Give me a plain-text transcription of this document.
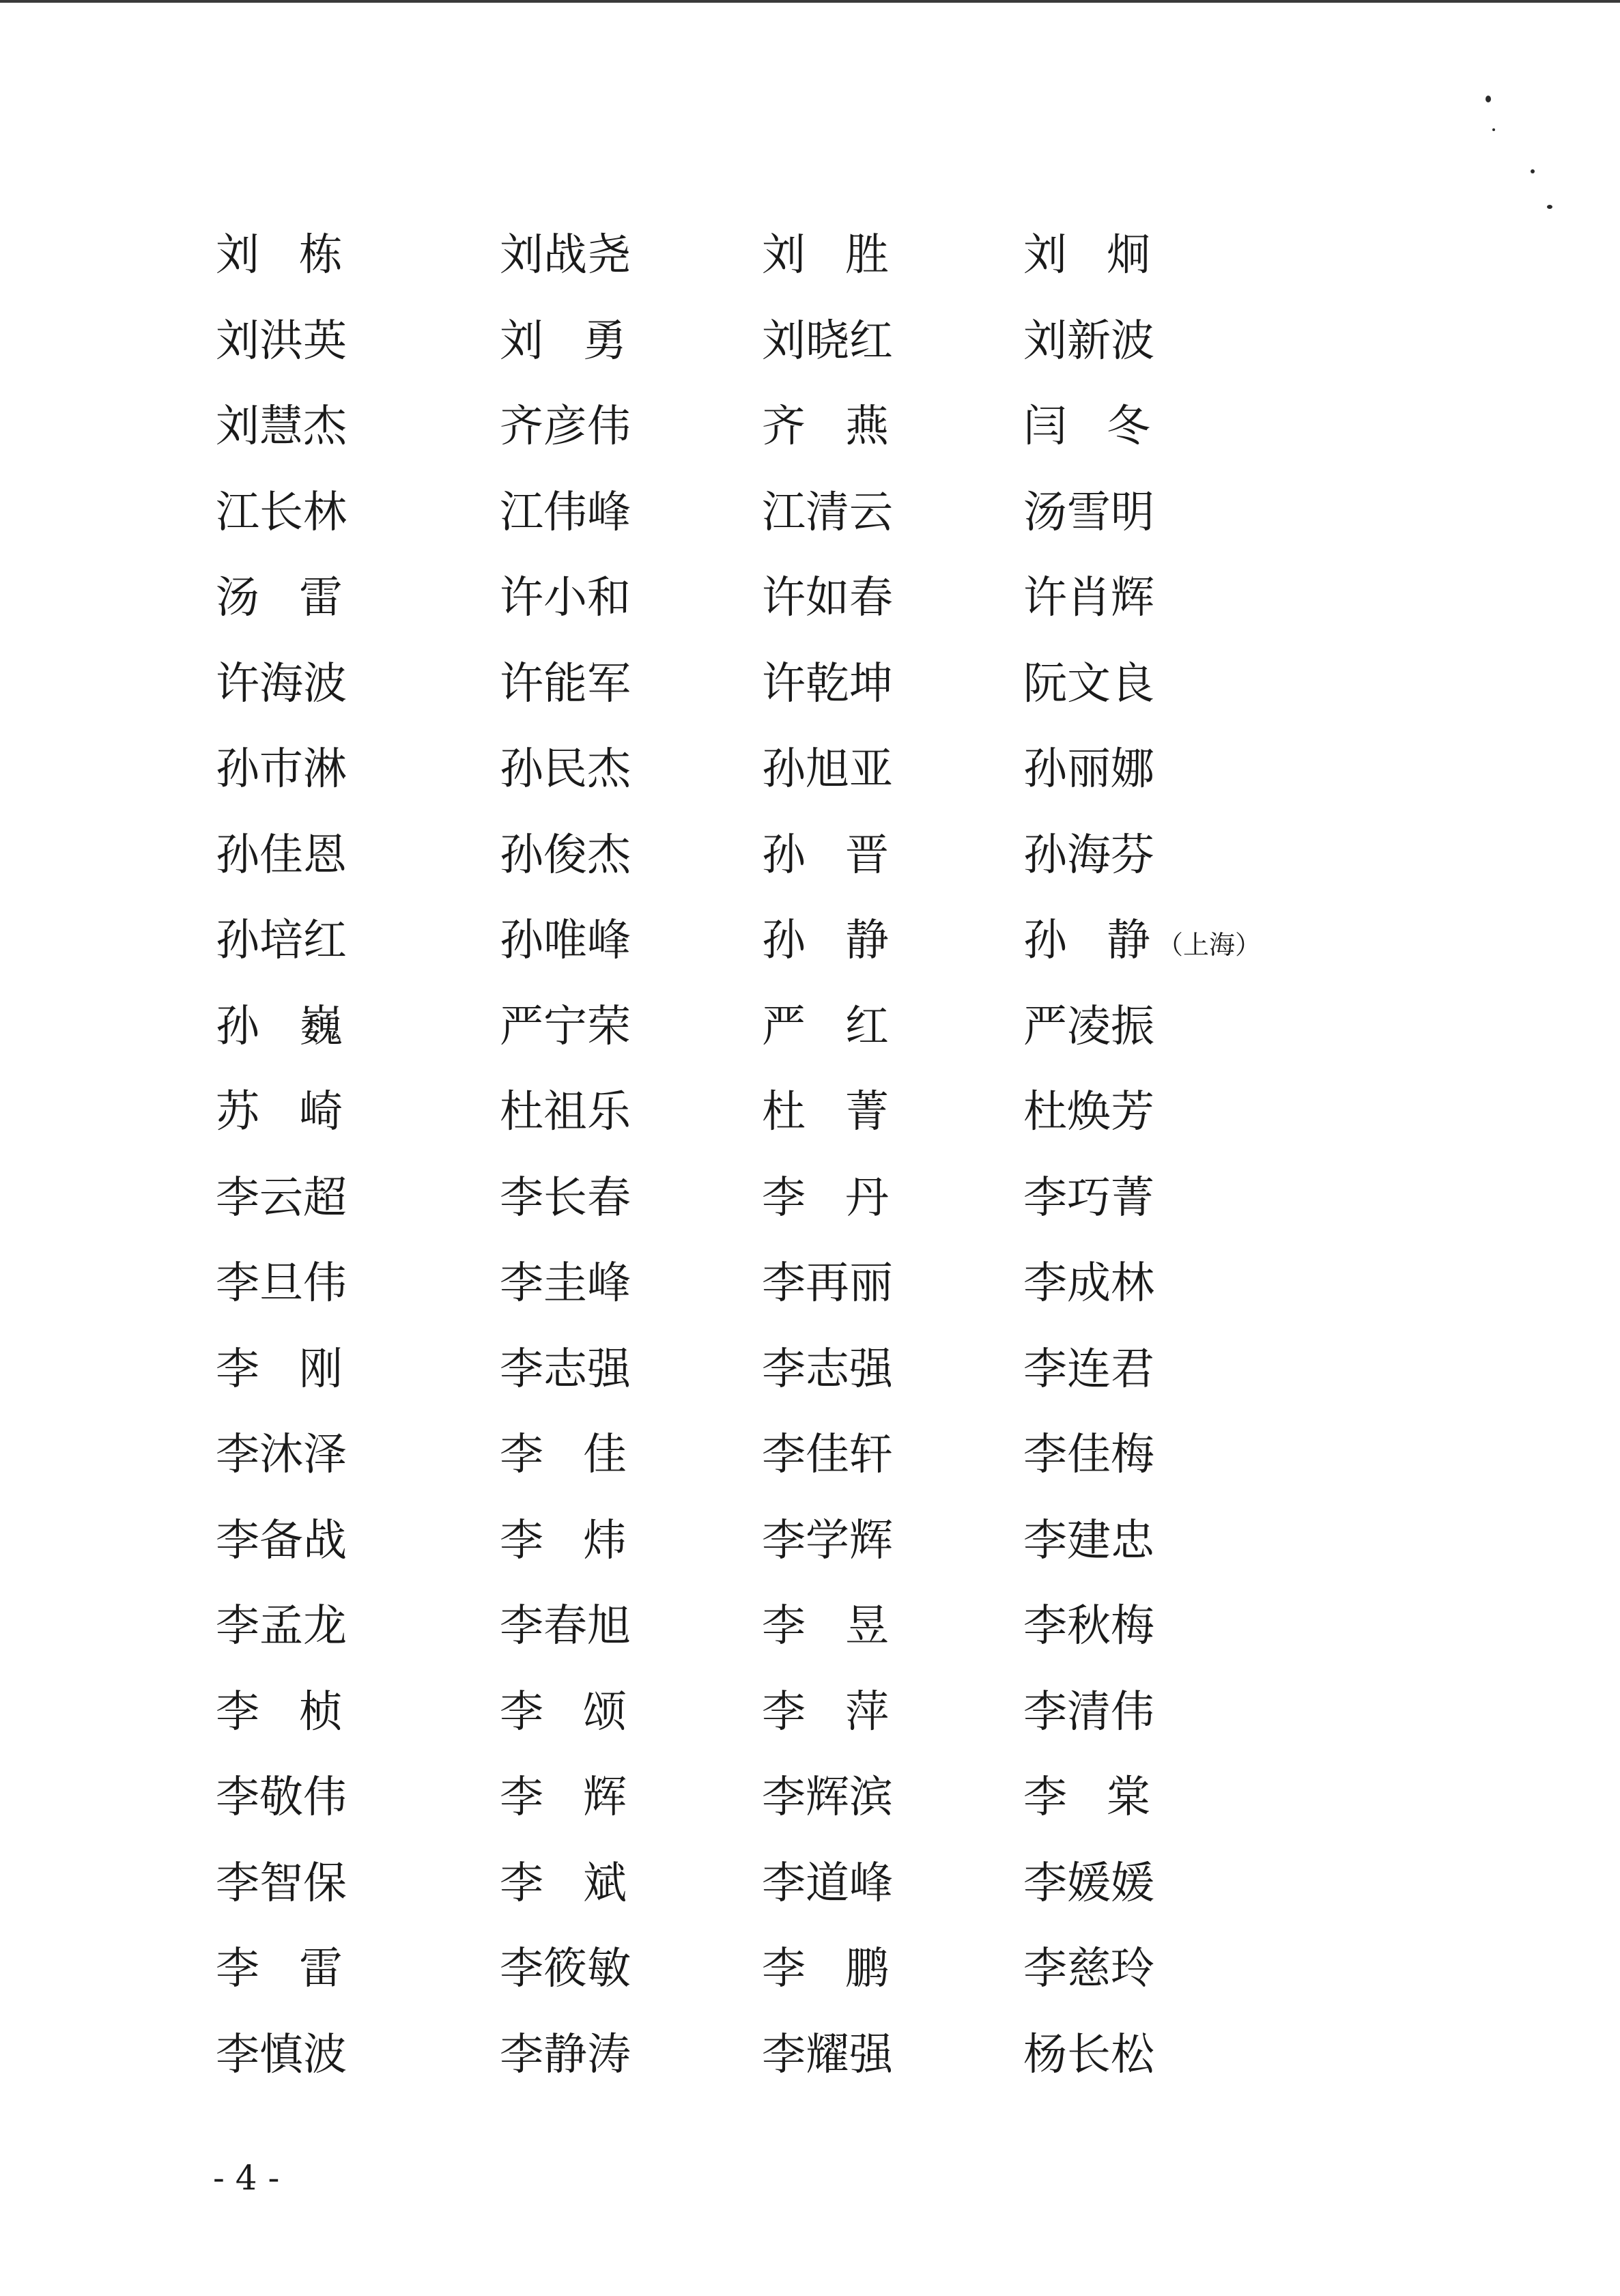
刘栋	刘战尧	刘胜	刘炯
刘洪英	刘勇	刘晓红	刘新波
刘慧杰	齐彦伟	齐燕	闫冬
江长林	江伟峰	江清云	汤雪明
汤雷	许小和	许如春	许肖辉
许海波	许能军	许乾坤	阮文良
孙巿淋	孙民杰	孙旭亚	孙丽娜
孙佳恩	孙俊杰	孙晋	孙海芬
孙培红	孙唯峰	孙静	孙静 （上海）
孙巍	严宁荣	严红	严凌振
苏崎	杜祖乐	杜菁	杜焕芳
李云超	李长春	李丹	李巧菁
李旦伟	李圭峰	李再丽	李成林
李刚	李志强	李志强	李连君
李沐泽	李佳	李佳轩	李佳梅
李备战	李炜	李学辉	李建忠
李孟龙	李春旭	李昱	李秋梅
李桢	李颂	李萍	李清伟
李敬伟	李辉	李辉滨	李棠
李智保	李斌	李道峰	李媛媛
李雷	李筱敏	李鹏	李慈玲
李慎波	李静涛	李耀强	杨长松
- 4 -
